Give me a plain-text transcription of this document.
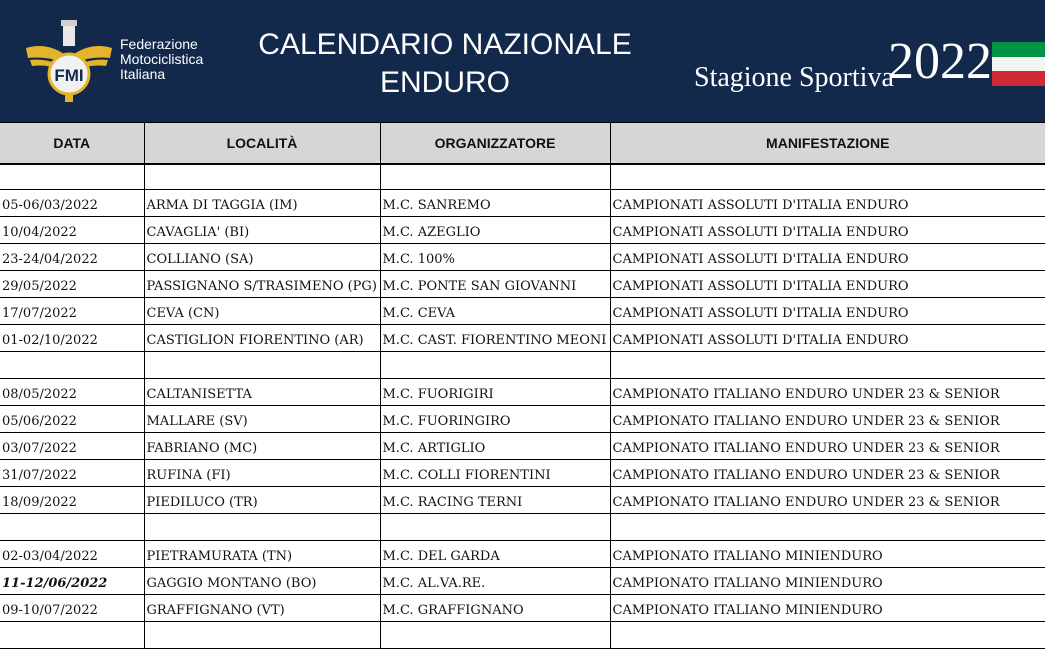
FMI
Federazione
Motociclistica
Italiana
CALENDARIO NAZIONALE
ENDURO	Stagione Sportiva
2022
DATA	LOCALITÀ	ORGANIZZATORE	MANIFESTAZIONE

05-06/03/2022	ARMA DI TAGGIA (IM)	M.C. SANREMO	CAMPIONATI ASSOLUTI D'ITALIA ENDURO
10/04/2022	CAVAGLIA' (BI)	M.C. AZEGLIO	CAMPIONATI ASSOLUTI D'ITALIA ENDURO
23-24/04/2022	COLLIANO (SA)	M.C. 100%	CAMPIONATI ASSOLUTI D'ITALIA ENDURO
29/05/2022	PASSIGNANO S/TRASIMENO (PG)	M.C. PONTE SAN GIOVANNI	CAMPIONATI ASSOLUTI D'ITALIA ENDURO
17/07/2022	CEVA (CN)	M.C. CEVA	CAMPIONATI ASSOLUTI D'ITALIA ENDURO
01-02/10/2022	CASTIGLION FIORENTINO (AR)	M.C. CAST. FIORENTINO MEONI	CAMPIONATI ASSOLUTI D'ITALIA ENDURO

08/05/2022	CALTANISETTA	M.C. FUORIGIRI	CAMPIONATO ITALIANO ENDURO UNDER 23 & SENIOR
05/06/2022	MALLARE (SV)	M.C. FUORINGIRO	CAMPIONATO ITALIANO ENDURO UNDER 23 & SENIOR
03/07/2022	FABRIANO (MC)	M.C. ARTIGLIO	CAMPIONATO ITALIANO ENDURO UNDER 23 & SENIOR
31/07/2022	RUFINA (FI)	M.C. COLLI FIORENTINI	CAMPIONATO ITALIANO ENDURO UNDER 23 & SENIOR
18/09/2022	PIEDILUCO (TR)	M.C. RACING TERNI	CAMPIONATO ITALIANO ENDURO UNDER 23 & SENIOR

02-03/04/2022	PIETRAMURATA (TN)	M.C. DEL GARDA	CAMPIONATO ITALIANO MINIENDURO
11-12/06/2022	GAGGIO MONTANO (BO)	M.C. AL.VA.RE.	CAMPIONATO ITALIANO MINIENDURO
09-10/07/2022	GRAFFIGNANO (VT)	M.C. GRAFFIGNANO	CAMPIONATO ITALIANO MINIENDURO
